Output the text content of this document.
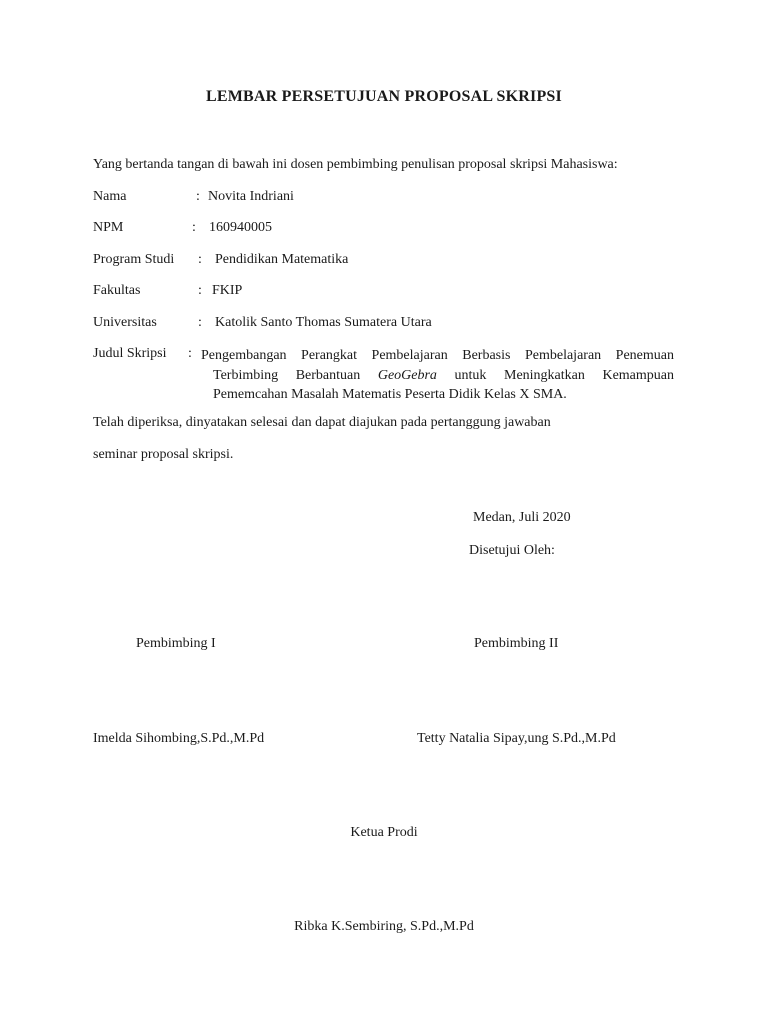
LEMBAR PERSETUJUAN PROPOSAL SKRIPSI
Yang bertanda tangan di bawah ini dosen pembimbing penulisan proposal skripsi Mahasiswa:
Nama	: Novita Indriani
NPM	: 160940005
Program Studi : Pendidikan Matematika
Fakultas	: FKIP
Universitas	: Katolik Santo Thomas Sumatera Utara
Judul Skripsi : Pengembangan Perangkat Pembelajaran Berbasis Pembelajaran Penemuan
Terbimbing Berbantuan GeoGebra untuk Meningkatkan Kemampuan
Pememcahan Masalah Matematis Peserta Didik Kelas X SMA.
Telah diperiksa, dinyatakan selesai dan dapat diajukan pada pertanggung jawaban
seminar proposal skripsi.
Medan, Juli 2020
Disetujui Oleh:
Pembimbing I	Pembimbing II
Imelda Sihombing,S.Pd.,M.Pd	Tetty Natalia Sipay,ung S.Pd.,M.Pd
Ketua Prodi
Ribka K.Sembiring, S.Pd.,M.Pd
